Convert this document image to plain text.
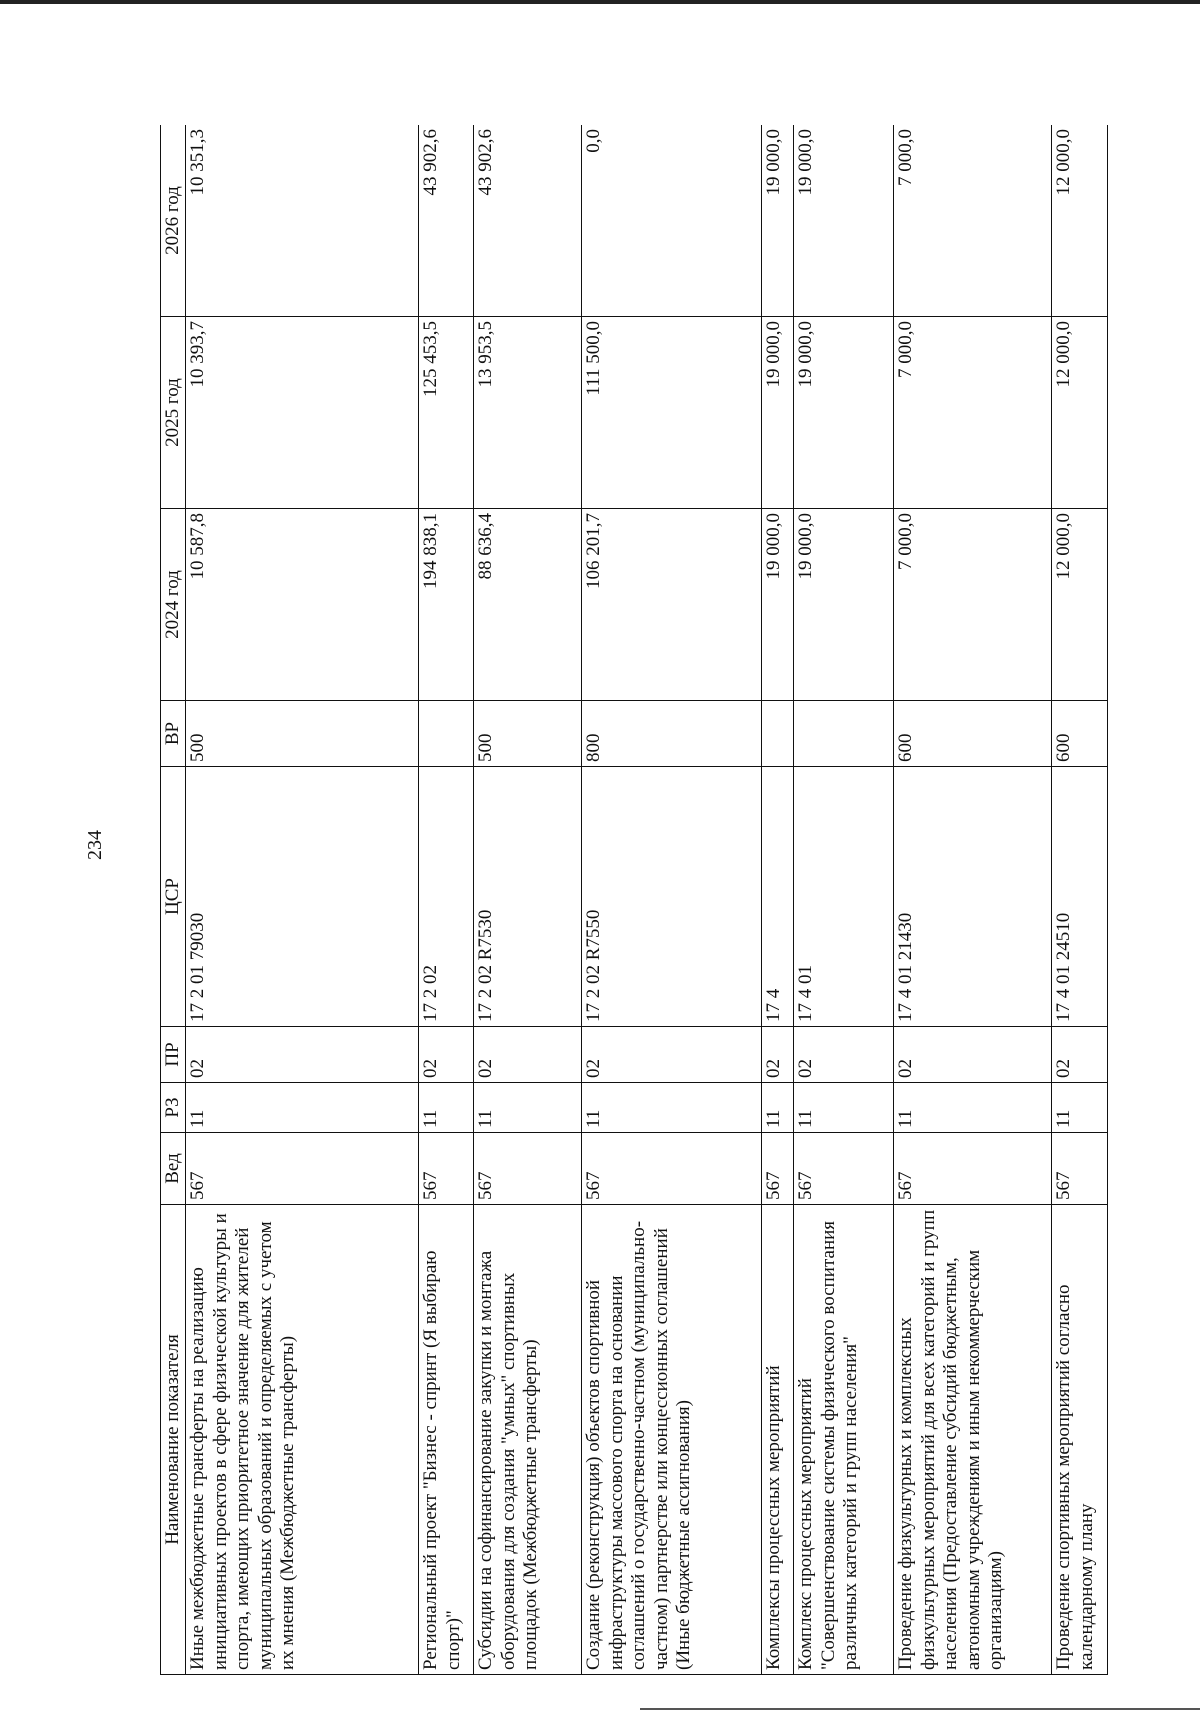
234
Наименование показателя	Вед	РЗ	ПР	ЦСР	ВР	2024 год	2025 год	2026 год
Иные межбюджетные трансферты на реализацию инициативных проектов в сфере физической культуры и спорта, имеющих приоритетное значение для жителей муниципальных образований и определяемых с учетом их мнения (Межбюджетные трансферты)	567	11	02	17 2 01 79030	500	10 587,8	10 393,7	10 351,3
Региональный проект "Бизнес - спринт (Я выбираю спорт)"	567	11	02	17 2 02		194 838,1	125 453,5	43 902,6
Субсидии на софинансирование закупки и монтажа оборудования для создания "умных" спортивных площадок (Межбюджетные трансферты)	567	11	02	17 2 02 R7530	500	88 636,4	13 953,5	43 902,6
Создание (реконструкция) объектов спортивной инфраструктуры массового спорта на основании соглашений о государственно-частном (муниципально-частном) партнерстве или концессионных соглашений (Иные бюджетные ассигнования)	567	11	02	17 2 02 R7550	800	106 201,7	111 500,0	0,0
Комплексы процессных мероприятий	567	11	02	17 4		19 000,0	19 000,0	19 000,0
Комплекс процессных мероприятий "Совершенствование системы физического воспитания различных категорий и групп населения"	567	11	02	17 4 01		19 000,0	19 000,0	19 000,0
Проведение физкультурных и комплексных физкультурных мероприятий для всех категорий и групп населения (Предоставление субсидий бюджетным, автономным учреждениям и иным некоммерческим организациям)	567	11	02	17 4 01 21430	600	7 000,0	7 000,0	7 000,0
Проведение спортивных мероприятий согласно календарному плану	567	11	02	17 4 01 24510	600	12 000,0	12 000,0	12 000,0
